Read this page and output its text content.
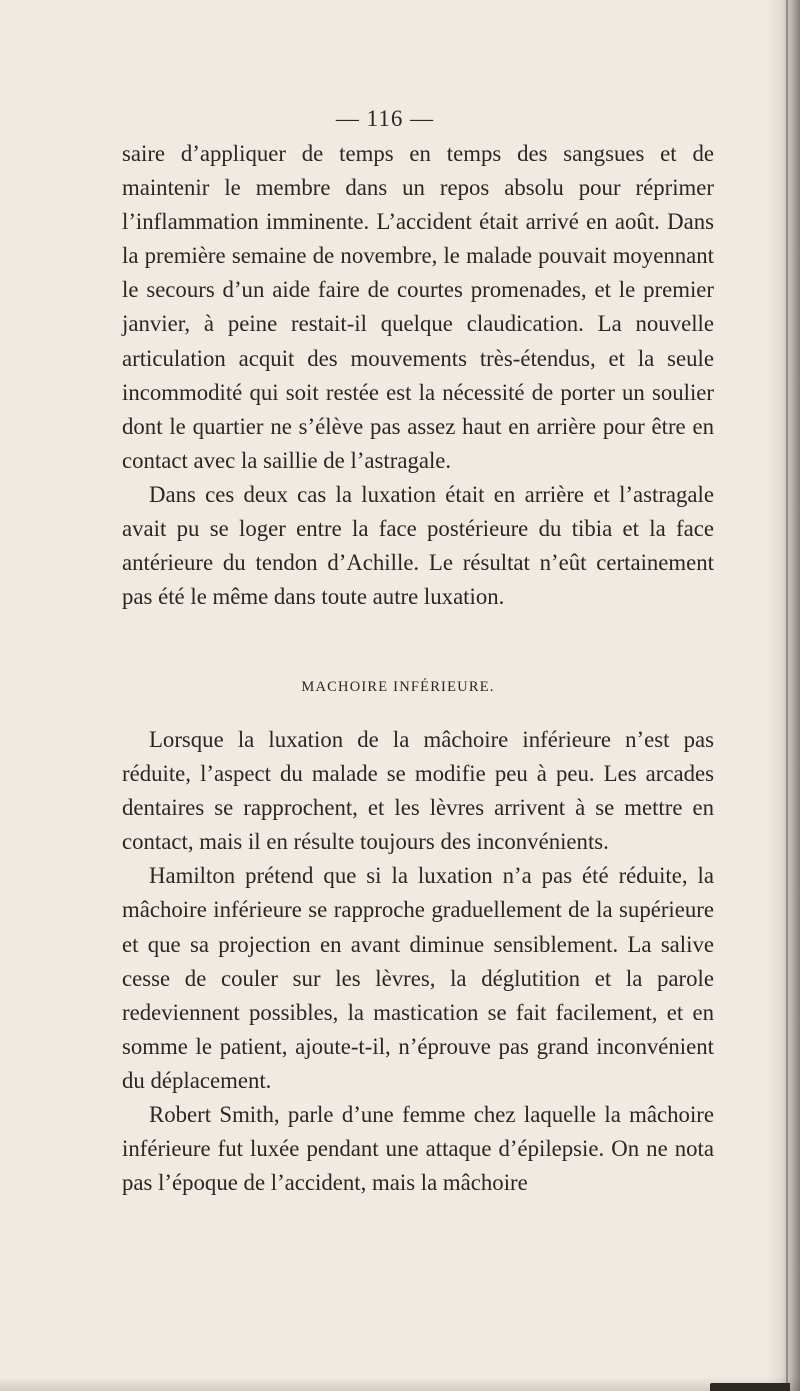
— 116 —

saire d’appliquer de temps en temps des sangsues et de maintenir le membre dans un repos absolu pour réprimer l’inflammation imminente. L’accident était arrivé en août. Dans la première semaine de novembre, le malade pouvait moyennant le secours d’un aide faire de courtes promenades, et le premier janvier, à peine restait-il quelque claudication. La nouvelle articulation acquit des mouvements très-étendus, et la seule incommodité qui soit restée est la nécessité de porter un soulier dont le quartier ne s’élève pas assez haut en arrière pour être en contact avec la saillie de l’astragale.

Dans ces deux cas la luxation était en arrière et l’astragale avait pu se loger entre la face postérieure du tibia et la face antérieure du tendon d’Achille. Le résultat n’eût certainement pas été le même dans toute autre luxation.

MACHOIRE INFÉRIEURE.

Lorsque la luxation de la mâchoire inférieure n’est pas réduite, l’aspect du malade se modifie peu à peu. Les arcades dentaires se rapprochent, et les lèvres arrivent à se mettre en contact, mais il en résulte toujours des inconvénients.

Hamilton prétend que si la luxation n’a pas été réduite, la mâchoire inférieure se rapproche graduellement de la supérieure et que sa projection en avant diminue sensiblement. La salive cesse de couler sur les lèvres, la déglutition et la parole redeviennent possibles, la mastication se fait facilement, et en somme le patient, ajoute-t-il, n’éprouve pas grand inconvénient du déplacement.

Robert Smith, parle d’une femme chez laquelle la mâchoire inférieure fut luxée pendant une attaque d’épilepsie. On ne nota pas l’époque de l’accident, mais la mâchoire
